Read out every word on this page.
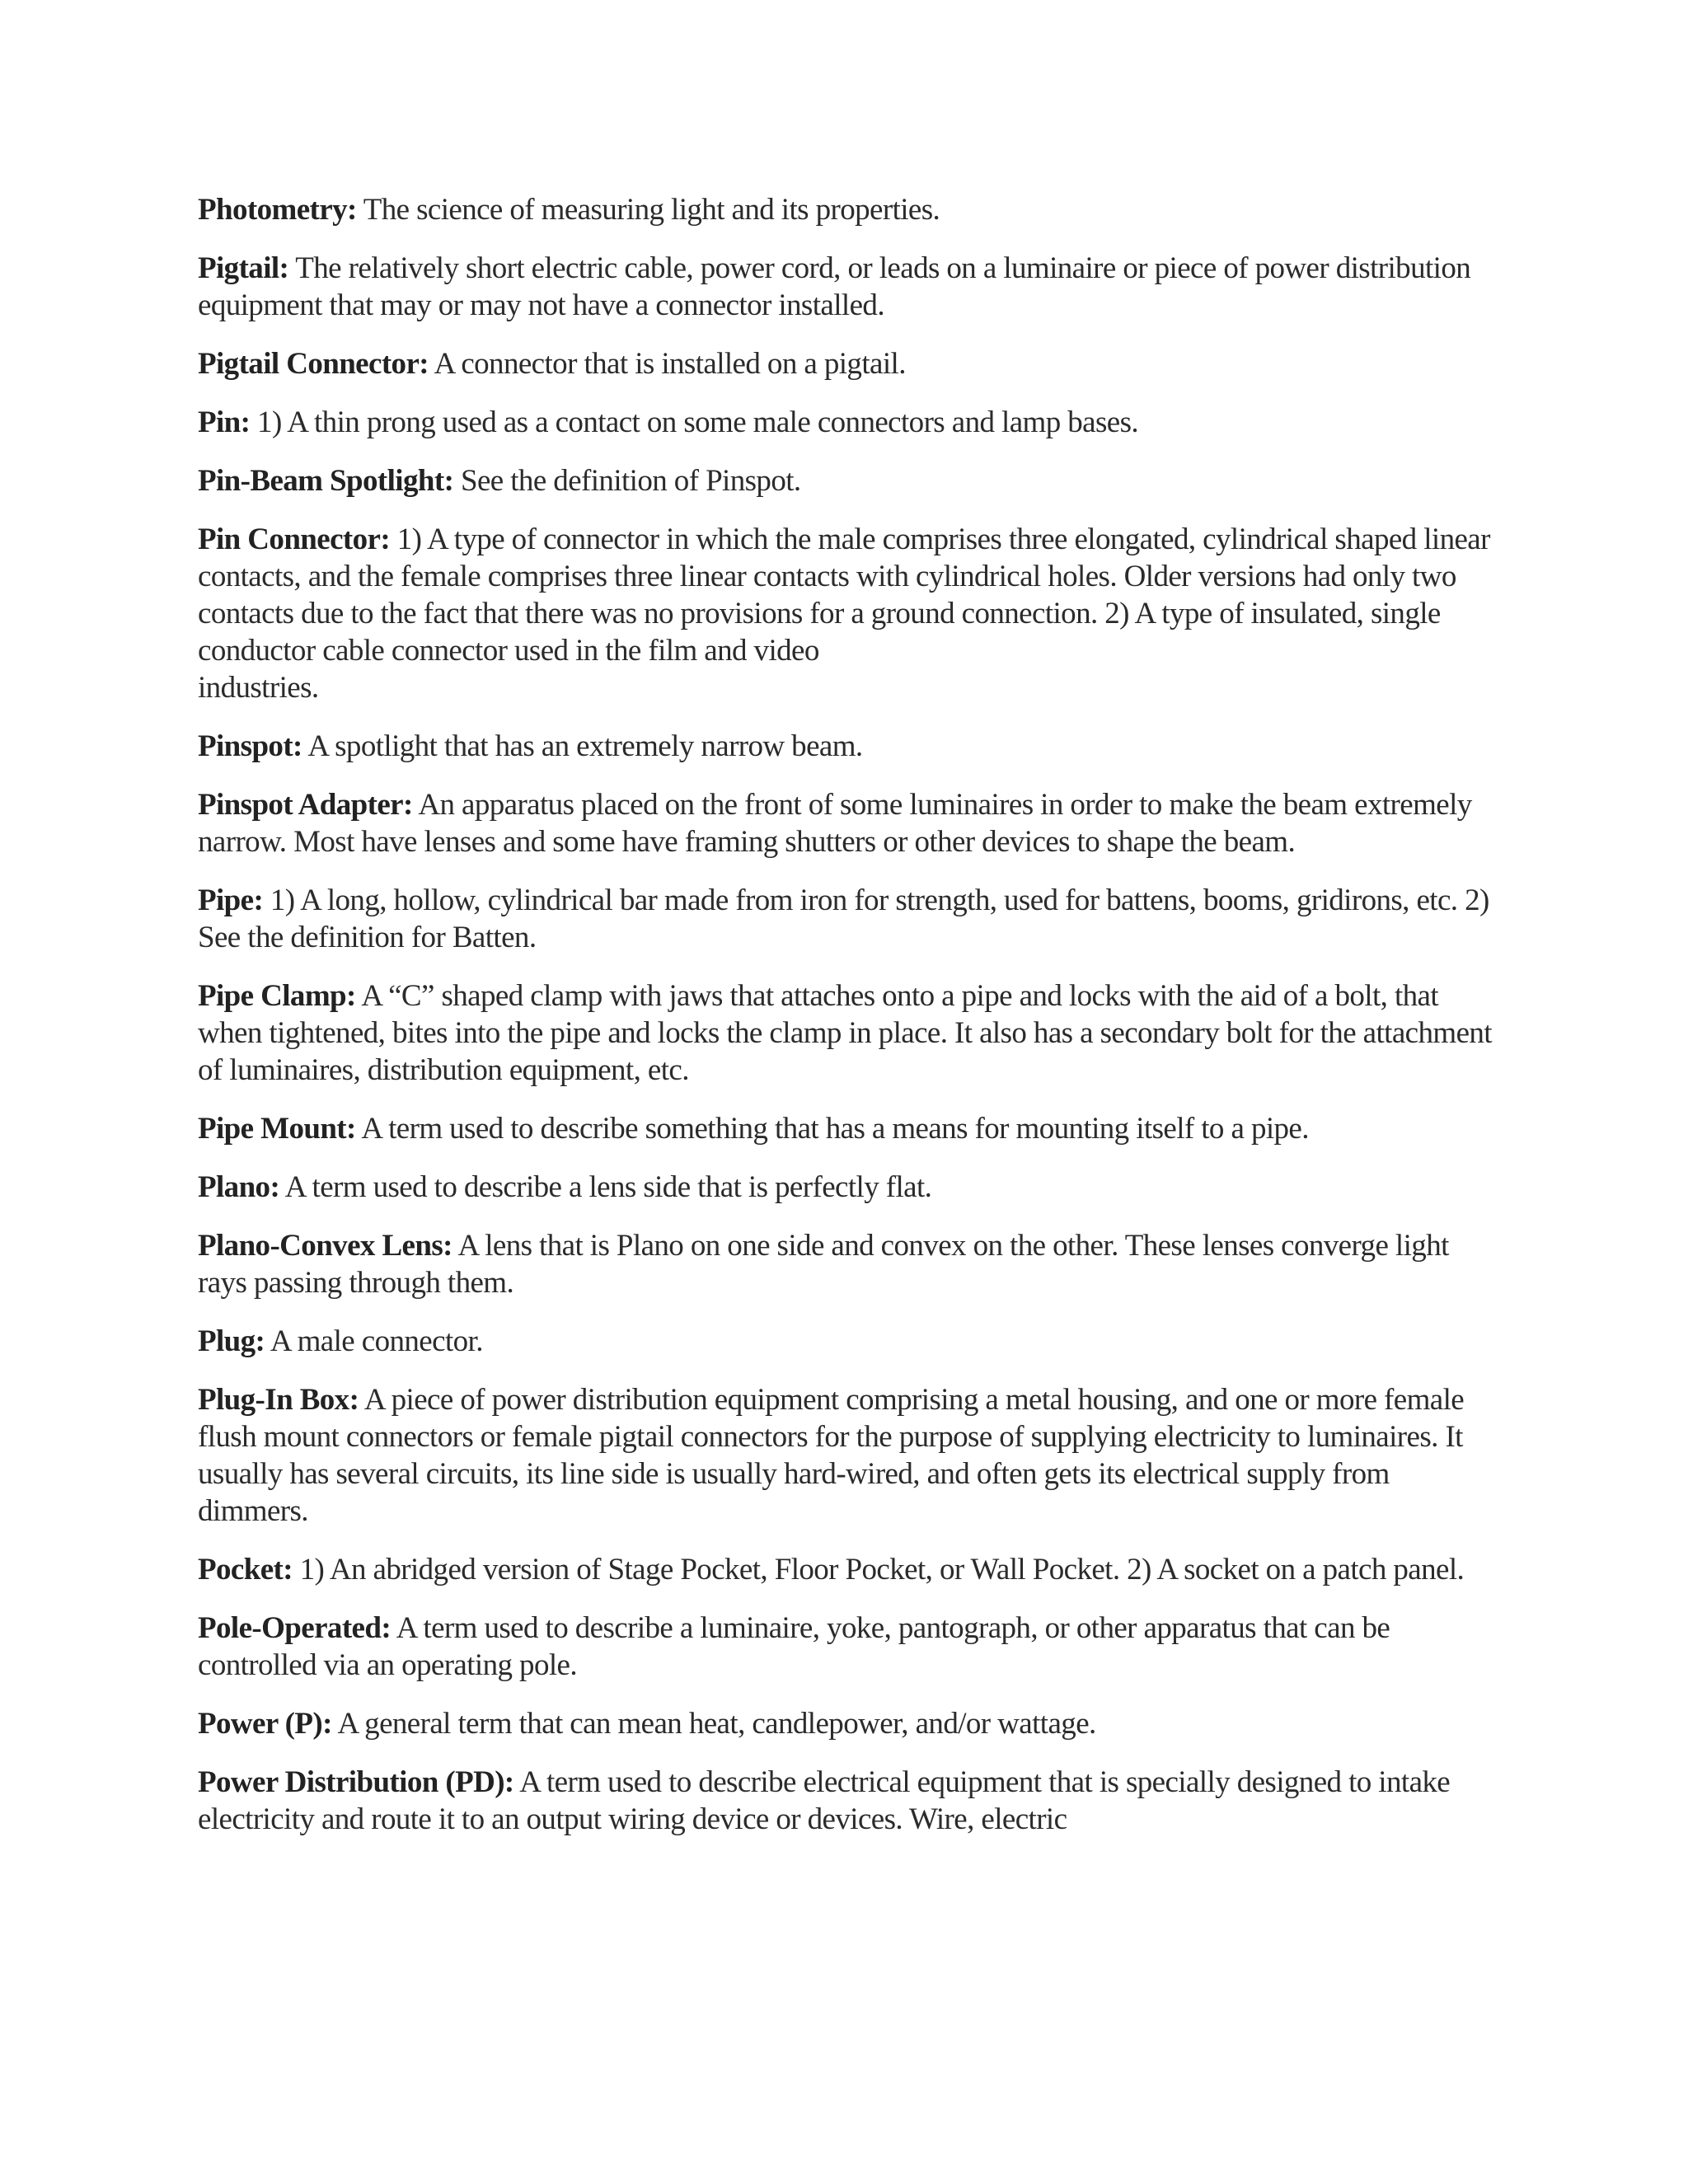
Photometry: The science of measuring light and its properties.

Pigtail: The relatively short electric cable, power cord, or leads on a luminaire or piece of power distribution equipment that may or may not have a connector installed.

Pigtail Connector: A connector that is installed on a pigtail.

Pin: 1) A thin prong used as a contact on some male connectors and lamp bases.

Pin-Beam Spotlight: See the definition of Pinspot.

Pin Connector: 1) A type of connector in which the male comprises three elongated, cylindrical shaped linear contacts, and the female comprises three linear contacts with cylindrical holes. Older versions had only two contacts due to the fact that there was no provisions for a ground connection. 2) A type of insulated, single conductor cable connector used in the film and video
industries.

Pinspot: A spotlight that has an extremely narrow beam.

Pinspot Adapter: An apparatus placed on the front of some luminaires in order to make the beam extremely narrow. Most have lenses and some have framing shutters or other devices to shape the beam.

Pipe: 1) A long, hollow, cylindrical bar made from iron for strength, used for battens, booms, gridirons, etc. 2) See the definition for Batten.

Pipe Clamp: A “C” shaped clamp with jaws that attaches onto a pipe and locks with the aid of a bolt, that when tightened, bites into the pipe and locks the clamp in place. It also has a secondary bolt for the attachment of luminaires, distribution equipment, etc.

Pipe Mount: A term used to describe something that has a means for mounting itself to a pipe.

Plano: A term used to describe a lens side that is perfectly flat.

Plano-Convex Lens: A lens that is Plano on one side and convex on the other. These lenses converge light rays passing through them.

Plug: A male connector.

Plug-In Box: A piece of power distribution equipment comprising a metal housing, and one or more female flush mount connectors or female pigtail connectors for the purpose of supplying electricity to luminaires. It usually has several circuits, its line side is usually hard-wired, and often gets its electrical supply from dimmers.

Pocket: 1) An abridged version of Stage Pocket, Floor Pocket, or Wall Pocket. 2) A socket on a patch panel.

Pole-Operated: A term used to describe a luminaire, yoke, pantograph, or other apparatus that can be controlled via an operating pole.

Power (P): A general term that can mean heat, candlepower, and/or wattage.

Power Distribution (PD): A term used to describe electrical equipment that is specially designed to intake electricity and route it to an output wiring device or devices. Wire, electric
